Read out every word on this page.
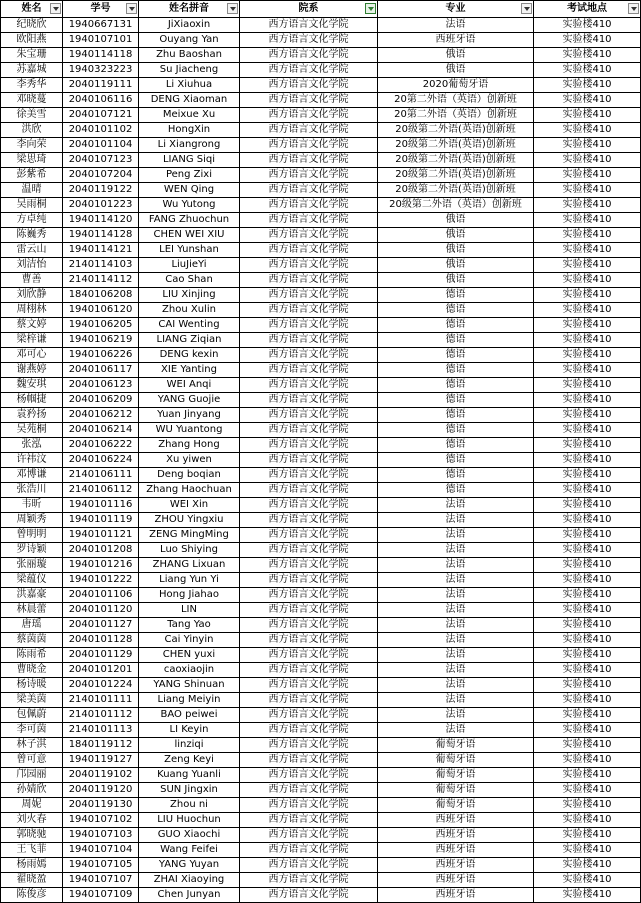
姓名	学号	姓名拼音	院系	专业	考试地点

纪晓欣	1940667131	JiXiaoxin	西方语言文化学院	法语	实验楼410
欧阳燕	1940107101	Ouyang Yan	西方语言文化学院	西班牙语	实验楼410
朱宝珊	1940114118	Zhu Baoshan	西方语言文化学院	俄语	实验楼410
苏嘉城	1940323223	Su Jiacheng	西方语言文化学院	俄语	实验楼410
李秀华	2040119111	Li Xiuhua	西方语言文化学院	2020葡萄牙语	实验楼410
邓晓蔓	2040106116	DENG Xiaoman	西方语言文化学院	20第二外语（英语）创新班	实验楼410
徐美雪	2040107121	Meixue Xu	西方语言文化学院	20第二外语（英语）创新班	实验楼410
洪欣	2040101102	HongXin	西方语言文化学院	20级第二外语(英语)创新班	实验楼410
李向荣	2040101104	Li Xiangrong	西方语言文化学院	20级第二外语(英语)创新班	实验楼410
梁思琦	2040107123	LIANG Siqi	西方语言文化学院	20级第二外语(英语)创新班	实验楼410
彭紫希	2040107204	Peng Zixi	西方语言文化学院	20级第二外语(英语)创新班	实验楼410
温晴	2040119122	WEN Qing	西方语言文化学院	20级第二外语(英语)创新班	实验楼410
吴雨桐	2040101223	Wu Yutong	西方语言文化学院	20级第二外语（英语）创新班	实验楼410
方卓纯	1940114120	FANG Zhuochun	西方语言文化学院	俄语	实验楼410
陈巍秀	1940114128	CHEN WEI XIU	西方语言文化学院	俄语	实验楼410
雷云山	1940114121	LEI Yunshan	西方语言文化学院	俄语	实验楼410
刘洁怡	2140114103	LiuJieYi	西方语言文化学院	俄语	实验楼410
曹善	2140114112	Cao Shan	西方语言文化学院	俄语	实验楼410
刘欣静	1840106208	LIU Xinjing	西方语言文化学院	德语	实验楼410
周栩林	1940106120	Zhou Xulin	西方语言文化学院	德语	实验楼410
蔡文婷	1940106205	CAI Wenting	西方语言文化学院	德语	实验楼410
梁梓谦	1940106219	LIANG Ziqian	西方语言文化学院	德语	实验楼410
邓可心	1940106226	DENG kexin	西方语言文化学院	德语	实验楼410
谢燕婷	2040106117	XIE Yanting	西方语言文化学院	德语	实验楼410
魏安琪	2040106123	WEI Anqi	西方语言文化学院	德语	实验楼410
杨帼捷	2040106209	YANG Guojie	西方语言文化学院	德语	实验楼410
袁矜扬	2040106212	Yuan Jinyang	西方语言文化学院	德语	实验楼410
吴苑桐	2040106214	WU Yuantong	西方语言文化学院	德语	实验楼410
张泓	2040106222	Zhang Hong	西方语言文化学院	德语	实验楼410
许祎汶	2040106224	Xu yiwen	西方语言文化学院	德语	实验楼410
邓博谦	2140106111	Deng boqian	西方语言文化学院	德语	实验楼410
张浩川	2140106112	Zhang Haochuan	西方语言文化学院	德语	实验楼410
韦昕	1940101116	WEI Xin	西方语言文化学院	法语	实验楼410
周颖秀	1940101119	ZHOU Yingxiu	西方语言文化学院	法语	实验楼410
曾明明	1940101121	ZENG MingMing	西方语言文化学院	法语	实验楼410
罗诗颖	2040101208	Luo Shiying	西方语言文化学院	法语	实验楼410
张丽璇	1940101216	ZHANG Lixuan	西方语言文化学院	法语	实验楼410
梁蕴仪	1940101222	Liang Yun Yi	西方语言文化学院	法语	实验楼410
洪嘉豪	2040101106	Hong Jiahao	西方语言文化学院	法语	实验楼410
林晨蕾	2040101120	LIN	西方语言文化学院	法语	实验楼410
唐瑶	2040101127	Tang Yao	西方语言文化学院	法语	实验楼410
蔡茵茵	2040101128	Cai Yinyin	西方语言文化学院	法语	实验楼410
陈雨希	2040101129	CHEN yuxi	西方语言文化学院	法语	实验楼410
曹晓金	2040101201	caoxiaojin	西方语言文化学院	法语	实验楼410
杨诗暖	2040101224	YANG Shinuan	西方语言文化学院	法语	实验楼410
梁美茵	2140101111	Liang Meiyin	西方语言文化学院	法语	实验楼410
包佩蔚	2140101112	BAO peiwei	西方语言文化学院	法语	实验楼410
李可茵	2140101113	LI Keyin	西方语言文化学院	法语	实验楼410
林子淇	1840119112	linziqi	西方语言文化学院	葡萄牙语	实验楼410
曾可意	1940119127	Zeng Keyi	西方语言文化学院	葡萄牙语	实验楼410
邝园丽	2040119102	Kuang Yuanli	西方语言文化学院	葡萄牙语	实验楼410
孙婧欣	2040119120	SUN Jingxin	西方语言文化学院	葡萄牙语	实验楼410
周妮	2040119130	Zhou ni	西方语言文化学院	葡萄牙语	实验楼410
刘火春	1940107102	LIU Huochun	西方语言文化学院	西班牙语	实验楼410
郭晓驰	1940107103	GUO Xiaochi	西方语言文化学院	西班牙语	实验楼410
王飞菲	1940107104	Wang Feifei	西方语言文化学院	西班牙语	实验楼410
杨雨嫣	1940107105	YANG Yuyan	西方语言文化学院	西班牙语	实验楼410
翟晓盈	1940107107	ZHAI Xiaoying	西方语言文化学院	西班牙语	实验楼410
陈俊彦	1940107109	Chen Junyan	西方语言文化学院	西班牙语	实验楼410
